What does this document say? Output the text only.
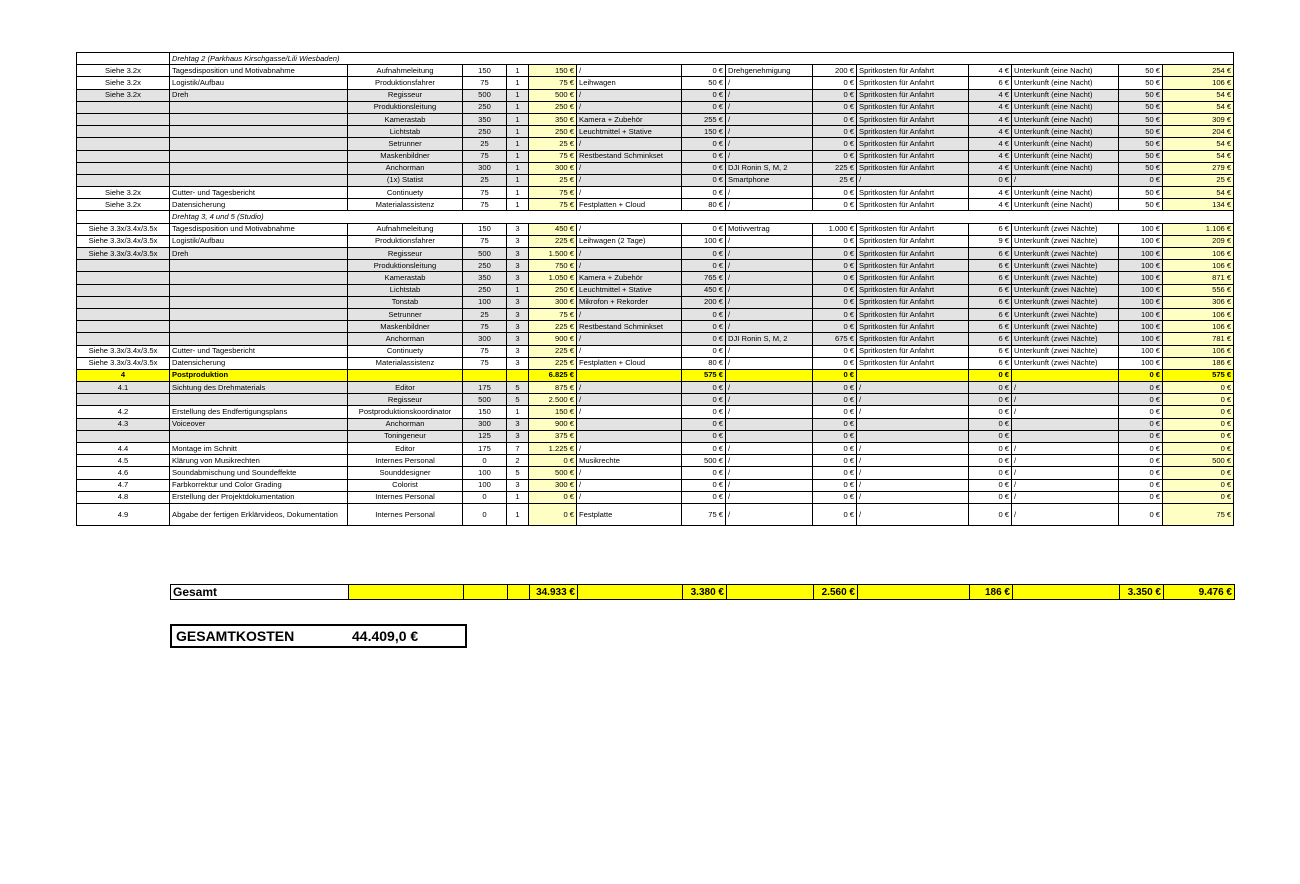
	Drehtag 2 (Parkhaus Kirschgasse/Lili Wiesbaden)													
Siehe 3.2x	Tagesdisposition und Motivabnahme	Aufnahmeleitung	150	1	150 €	/	0 €	Drehgenehmigung	200 €	Spritkosten für Anfahrt	4 €	Unterkunft (eine Nacht)	50 €	254 €
Siehe 3.2x	Logistik/Aufbau	Produktionsfahrer	75	1	75 €	Leihwagen	50 €	/	0 €	Spritkosten für Anfahrt	6 €	Unterkunft (eine Nacht)	50 €	106 €
Siehe 3.2x	Dreh	Regisseur	500	1	500 €	/	0 €	/	0 €	Spritkosten für Anfahrt	4 €	Unterkunft (eine Nacht)	50 €	54 €
		Produktionsleitung	250	1	250 €	/	0 €	/	0 €	Spritkosten für Anfahrt	4 €	Unterkunft (eine Nacht)	50 €	54 €
		Kamerastab	350	1	350 €	Kamera + Zubehör	255 €	/	0 €	Spritkosten für Anfahrt	4 €	Unterkunft (eine Nacht)	50 €	309 €
		Lichtstab	250	1	250 €	Leuchtmittel + Stative	150 €	/	0 €	Spritkosten für Anfahrt	4 €	Unterkunft (eine Nacht)	50 €	204 €
		Setrunner	25	1	25 €	/	0 €	/	0 €	Spritkosten für Anfahrt	4 €	Unterkunft (eine Nacht)	50 €	54 €
		Maskenbildner	75	1	75 €	Restbestand Schminkset	0 €	/	0 €	Spritkosten für Anfahrt	4 €	Unterkunft (eine Nacht)	50 €	54 €
		Anchorman	300	1	300 €	/	0 €	DJI Ronin S, M, 2	225 €	Spritkosten für Anfahrt	4 €	Unterkunft (eine Nacht)	50 €	279 €
		(1x) Statist	25	1	25 €	/	0 €	Smartphone	25 €	/	0 €	/	0 €	25 €
Siehe 3.2x	Cutter- und Tagesbericht	Continuety	75	1	75 €	/	0 €	/	0 €	Spritkosten für Anfahrt	4 €	Unterkunft (eine Nacht)	50 €	54 €
Siehe 3.2x	Datensicherung	Materialassistenz	75	1	75 €	Festplatten + Cloud	80 €	/	0 €	Spritkosten für Anfahrt	4 €	Unterkunft (eine Nacht)	50 €	134 €
	Drehtag 3, 4 und 5 (Studio)													
Siehe 3.3x/3.4x/3.5x	Tagesdisposition und Motivabnahme	Aufnahmeleitung	150	3	450 €	/	0 €	Motivvertrag	1.000 €	Spritkosten für Anfahrt	6 €	Unterkunft (zwei Nächte)	100 €	1.106 €
Siehe 3.3x/3.4x/3.5x	Logistik/Aufbau	Produktionsfahrer	75	3	225 €	Leihwagen (2 Tage)	100 €	/	0 €	Spritkosten für Anfahrt	9 €	Unterkunft (zwei Nächte)	100 €	209 €
Siehe 3.3x/3.4x/3.5x	Dreh	Regisseur	500	3	1.500 €	/	0 €	/	0 €	Spritkosten für Anfahrt	6 €	Unterkunft (zwei Nächte)	100 €	106 €
		Produktionsleitung	250	3	750 €	/	0 €	/	0 €	Spritkosten für Anfahrt	6 €	Unterkunft (zwei Nächte)	100 €	106 €
		Kamerastab	350	3	1.050 €	Kamera + Zubehör	765 €	/	0 €	Spritkosten für Anfahrt	6 €	Unterkunft (zwei Nächte)	100 €	871 €
		Lichtstab	250	1	250 €	Leuchtmittel + Stative	450 €	/	0 €	Spritkosten für Anfahrt	6 €	Unterkunft (zwei Nächte)	100 €	556 €
		Tonstab	100	3	300 €	Mikrofon + Rekorder	200 €	/	0 €	Spritkosten für Anfahrt	6 €	Unterkunft (zwei Nächte)	100 €	306 €
		Setrunner	25	3	75 €	/	0 €	/	0 €	Spritkosten für Anfahrt	6 €	Unterkunft (zwei Nächte)	100 €	106 €
		Maskenbildner	75	3	225 €	Restbestand Schminkset	0 €	/	0 €	Spritkosten für Anfahrt	6 €	Unterkunft (zwei Nächte)	100 €	106 €
		Anchorman	300	3	900 €	/	0 €	DJI Ronin S, M, 2	675 €	Spritkosten für Anfahrt	6 €	Unterkunft (zwei Nächte)	100 €	781 €
Siehe 3.3x/3.4x/3.5x	Cutter- und Tagesbericht	Continuety	75	3	225 €	/	0 €	/	0 €	Spritkosten für Anfahrt	6 €	Unterkunft (zwei Nächte)	100 €	106 €
Siehe 3.3x/3.4x/3.5x	Datensicherung	Materialassistenz	75	3	225 €	Festplatten + Cloud	80 €	/	0 €	Spritkosten für Anfahrt	6 €	Unterkunft (zwei Nächte)	100 €	186 €
4	Postproduktion				6.825 €		575 €		0 €		0 €		0 €	575 €
4.1	Sichtung des Drehmaterials	Editor	175	5	875 €	/	0 €	/	0 €	/	0 €	/	0 €	0 €
		Regisseur	500	5	2.500 €	/	0 €	/	0 €	/	0 €	/	0 €	0 €
4.2	Erstellung des Endfertigungsplans	Postproduktionskoordinator	150	1	150 €	/	0 €	/	0 €	/	0 €	/	0 €	0 €
4.3	Voiceover	Anchorman	300	3	900 €		0 €		0 €		0 €		0 €	0 €
		Toningeneur	125	3	375 €		0 €		0 €		0 €		0 €	0 €
4.4	Montage im Schnitt	Editor	175	7	1.225 €	/	0 €	/	0 €	/	0 €	/	0 €	0 €
4.5	Klärung von Musikrechten	Internes Personal	0	2	0 €	Musikrechte	500 €	/	0 €	/	0 €	/	0 €	500 €
4.6	Soundabmischung und Soundeffekte	Sounddesigner	100	5	500 €	/	0 €	/	0 €	/	0 €	/	0 €	0 €
4.7	Farbkorrektur und Color Grading	Colorist	100	3	300 €	/	0 €	/	0 €	/	0 €	/	0 €	0 €
4.8	Erstellung der Projektdokumentation	Internes Personal	0	1	0 €	/	0 €	/	0 €	/	0 €	/	0 €	0 €
4.9	Abgabe der fertigen Erklärvideos, Dokumentation	Internes Personal	0	1	0 €	Festplatte	75 €	/	0 €	/	0 €	/	0 €	75 €
Gesamt				34.933 €		3.380 €		2.560 €		186 €		3.350 €	9.476 €
GESAMTKOSTEN	44.409,0 €
